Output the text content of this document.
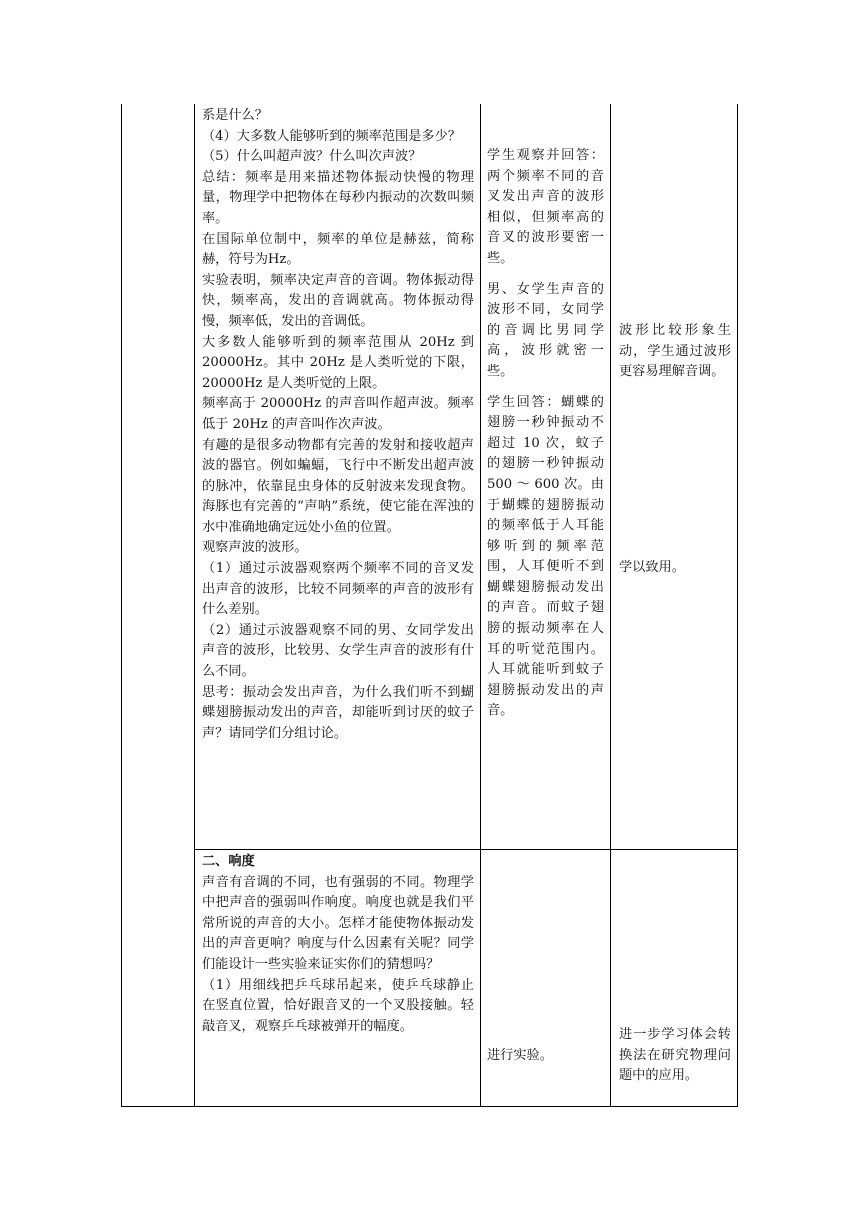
系是什么？

（4）大多数人能够听到的频率范围是多少？

（5）什么叫超声波？什么叫次声波？

总结：频率是用来描述物体振动快慢的物理量，物理学中把物体在每秒内振动的次数叫频率。

在国际单位制中，频率的单位是赫兹，简称赫，符号为Hz。

实验表明，频率决定声音的音调。物体振动得快，频率高，发出的音调就高。物体振动得慢，频率低，发出的音调低。

大多数人能够听到的频率范围从 20Hz 到 20000Hz。其中 20Hz 是人类听觉的下限，20000Hz 是人类听觉的上限。

频率高于 20000Hz 的声音叫作超声波。频率低于 20Hz 的声音叫作次声波。

有趣的是很多动物都有完善的发射和接收超声波的器官。例如蝙蝠，飞行中不断发出超声波的脉冲，依靠昆虫身体的反射波来发现食物。海豚也有完善的“声呐”系统，使它能在浑浊的水中准确地确定远处小鱼的位置。

观察声波的波形。

（1）通过示波器观察两个频率不同的音叉发出声音的波形，比较不同频率的声音的波形有什么差别。

（2）通过示波器观察不同的男、女同学发出声音的波形，比较男、女学生声音的波形有什么不同。

思考：振动会发出声音，为什么我们听不到蝴蝶翅膀振动发出的声音，却能听到讨厌的蚊子声？请同学们分组讨论。

学生观察并回答：两个频率不同的音叉发出声音的波形相似，但频率高的音叉的波形要密一些。

男、女学生声音的波形不同，女同学的音调比男同学高，波形就密一些。

学生回答：蝴蝶的翅膀一秒钟振动不超过 10 次，蚊子的翅膀一秒钟振动 500 ～ 600 次。由于蝴蝶的翅膀振动的频率低于人耳能够听到的频率范围，人耳便听不到蝴蝶翅膀振动发出的声音。而蚊子翅膀的振动频率在人耳的听觉范围内。人耳就能听到蚊子翅膀振动发出的声音。

波形比较形象生动，学生通过波形更容易理解音调。

学以致用。

二、响度

声音有音调的不同，也有强弱的不同。物理学中把声音的强弱叫作响度。响度也就是我们平常所说的声音的大小。怎样才能使物体振动发出的声音更响？响度与什么因素有关呢？同学们能设计一些实验来证实你们的猜想吗？

（1）用细线把乒乓球吊起来，使乒乓球静止在竖直位置，恰好跟音叉的一个叉股接触。轻敲音叉，观察乒乓球被弹开的幅度。

进行实验。

进一步学习体会转换法在研究物理问题中的应用。
